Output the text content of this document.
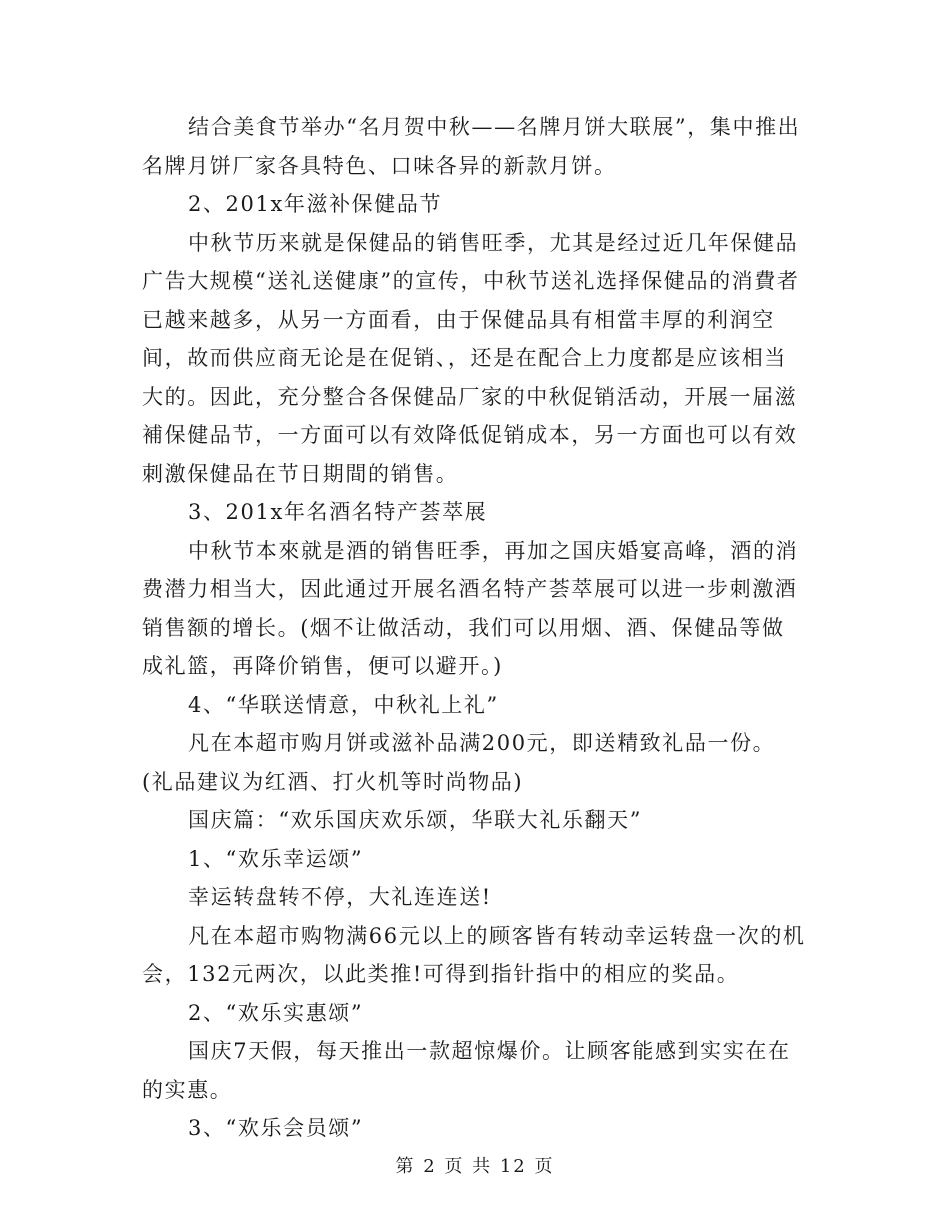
结合美食节举办“名月贺中秋——名牌月饼大联展”，集中推出名牌月饼厂家各具特色、口味各异的新款月饼。

2、201x年滋补保健品节

中秋节历来就是保健品的销售旺季，尤其是经过近几年保健品广告大规模“送礼送健康”的宣传，中秋节送礼选择保健品的消費者已越来越多，从另一方面看，由于保健品具有相當丰厚的利润空间，故而供应商无论是在促销、，还是在配合上力度都是应该相当大的。因此，充分整合各保健品厂家的中秋促销活动，开展一届滋補保健品节，一方面可以有效降低促销成本，另一方面也可以有效刺激保健品在节日期間的销售。

3、201x年名酒名特产荟萃展

中秋节本來就是酒的销售旺季，再加之国庆婚宴高峰，酒的消费潜力相当大，因此通过开展名酒名特产荟萃展可以进一步刺激酒销售额的增长。(烟不让做活动，我们可以用烟、酒、保健品等做成礼篮，再降价销售，便可以避开。)

4、“华联送情意，中秋礼上礼”

凡在本超市购月饼或滋补品满200元，即送精致礼品一份。(礼品建议为红酒、打火机等时尚物品)

国庆篇：“欢乐国庆欢乐颂，华联大礼乐翻天”

1、“欢乐幸运颂”

幸运转盘转不停，大礼连连送!

凡在本超市购物满66元以上的顾客皆有转动幸运转盘一次的机会，132元两次，以此类推!可得到指针指中的相应的奖品。

2、“欢乐实惠颂”

国庆7天假，每天推出一款超惊爆价。让顾客能感到实实在在的实惠。

3、“欢乐会员颂”

第 2 页 共 12 页
